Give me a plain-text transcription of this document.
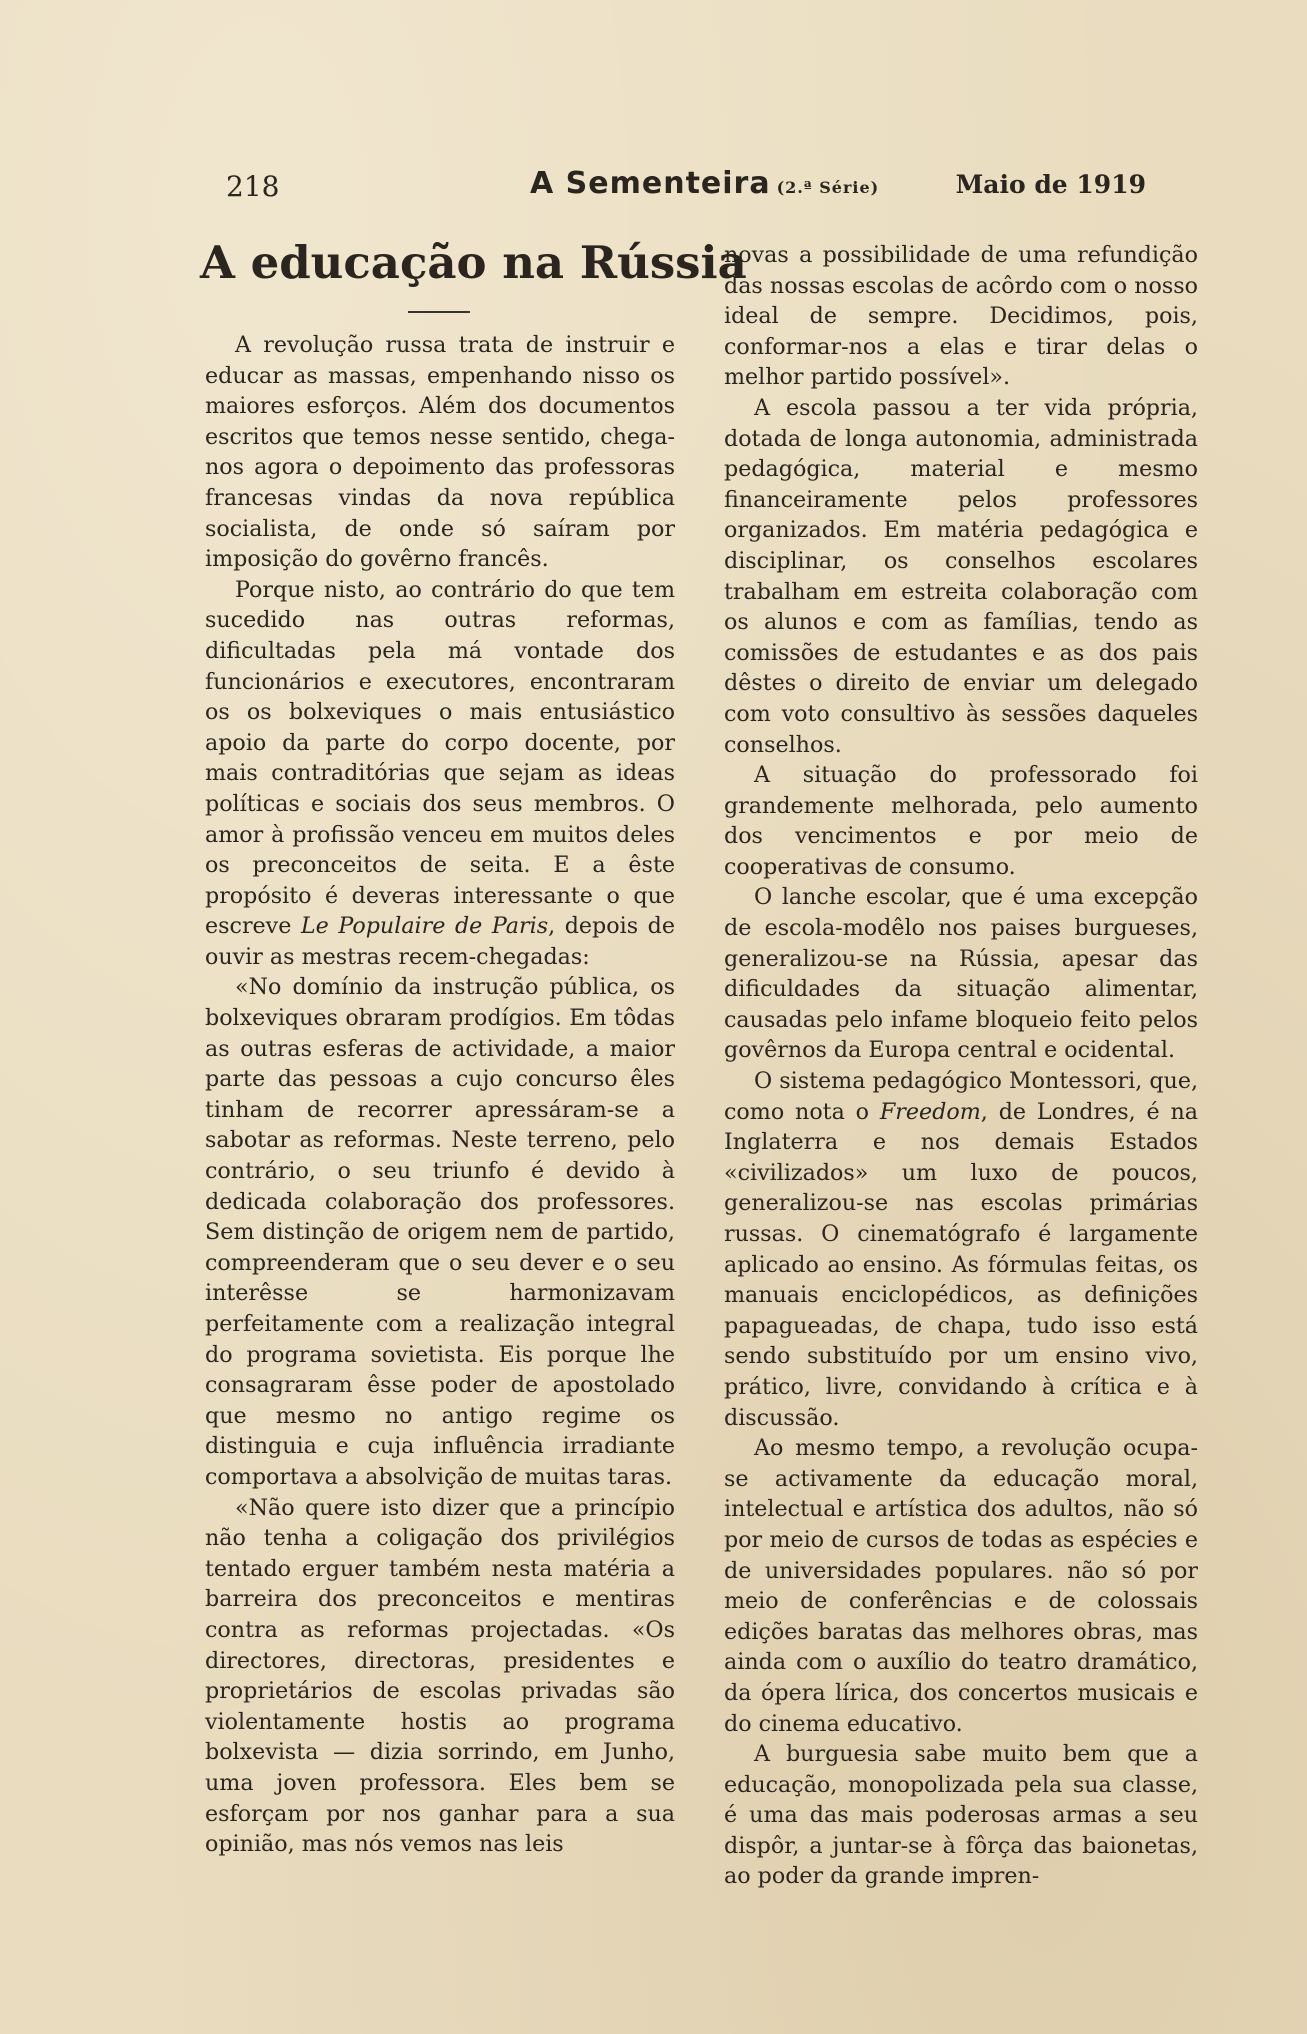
218	A Sementeira (2.ª Série)	Maio de 1919
A educação na Rússia

A revolução russa trata de instruir e educar as massas, empenhando nisso os maiores esforços. Além dos documentos escritos que temos nesse sentido, chega-nos agora o depoimento das professoras francesas vindas da nova república socialista, de onde só saíram por imposição do govêrno francês.

Porque nisto, ao contrário do que tem sucedido nas outras reformas, dificultadas pela má vontade dos funcionários e executores, encontraram os os bolxeviques o mais entusiástico apoio da parte do corpo docente, por mais contraditórias que sejam as ideas políticas e sociais dos seus membros. O amor à profissão venceu em muitos deles os preconceitos de seita. E a êste propósito é deveras interessante o que escreve Le Populaire de Paris, depois de ouvir as mestras recem-chegadas:

«No domínio da instrução pública, os bolxeviques obraram prodígios. Em tôdas as outras esferas de actividade, a maior parte das pessoas a cujo concurso êles tinham de recorrer apressáram-se a sabotar as reformas. Neste terreno, pelo contrário, o seu triunfo é devido à dedicada colaboração dos professores. Sem distinção de origem nem de partido, compreenderam que o seu dever e o seu interêsse se harmonizavam perfeitamente com a realização integral do programa sovietista. Eis porque lhe consagraram êsse poder de apostolado que mesmo no antigo regime os distinguia e cuja influência irradiante comportava a absolvição de muitas taras.

«Não quere isto dizer que a princípio não tenha a coligação dos privilégios tentado erguer também nesta matéria a barreira dos preconceitos e mentiras contra as reformas projectadas. «Os directores, directoras, presidentes e proprietários de escolas privadas são violentamente hostis ao programa bolxevista — dizia sorrindo, em Junho, uma joven professora. Eles bem se esforçam por nos ganhar para a sua opinião, mas nós vemos nas leis

novas a possibilidade de uma refundição das nossas escolas de acôrdo com o nosso ideal de sempre. Decidimos, pois, conformar-nos a elas e tirar delas o melhor partido possível».

A escola passou a ter vida própria, dotada de longa autonomia, administrada pedagógica, material e mesmo financeiramente pelos professores organizados. Em matéria pedagógica e disciplinar, os conselhos escolares trabalham em estreita colaboração com os alunos e com as famílias, tendo as comissões de estudantes e as dos pais dêstes o direito de enviar um delegado com voto consultivo às sessões daqueles conselhos.

A situação do professorado foi grandemente melhorada, pelo aumento dos vencimentos e por meio de cooperativas de consumo.

O lanche escolar, que é uma excepção de escola-modêlo nos paises burgueses, generalizou-se na Rússia, apesar das dificuldades da situação alimentar, causadas pelo infame bloqueio feito pelos govêrnos da Europa central e ocidental.

O sistema pedagógico Montessori, que, como nota o Freedom, de Londres, é na Inglaterra e nos demais Estados «civilizados» um luxo de poucos, generalizou-se nas escolas primárias russas. O cinematógrafo é largamente aplicado ao ensino. As fórmulas feitas, os manuais enciclopédicos, as definições papagueadas, de chapa, tudo isso está sendo substituído por um ensino vivo, prático, livre, convidando à crítica e à discussão.

Ao mesmo tempo, a revolução ocupa-se activamente da educação moral, intelectual e artística dos adultos, não só por meio de cursos de todas as espécies e de universidades populares. não só por meio de conferências e de colossais edições baratas das melhores obras, mas ainda com o auxílio do teatro dramático, da ópera lírica, dos concertos musicais e do cinema educativo.

A burguesia sabe muito bem que a educação, monopolizada pela sua classe, é uma das mais poderosas armas a seu dispôr, a juntar-se à fôrça das baionetas, ao poder da grande impren-
